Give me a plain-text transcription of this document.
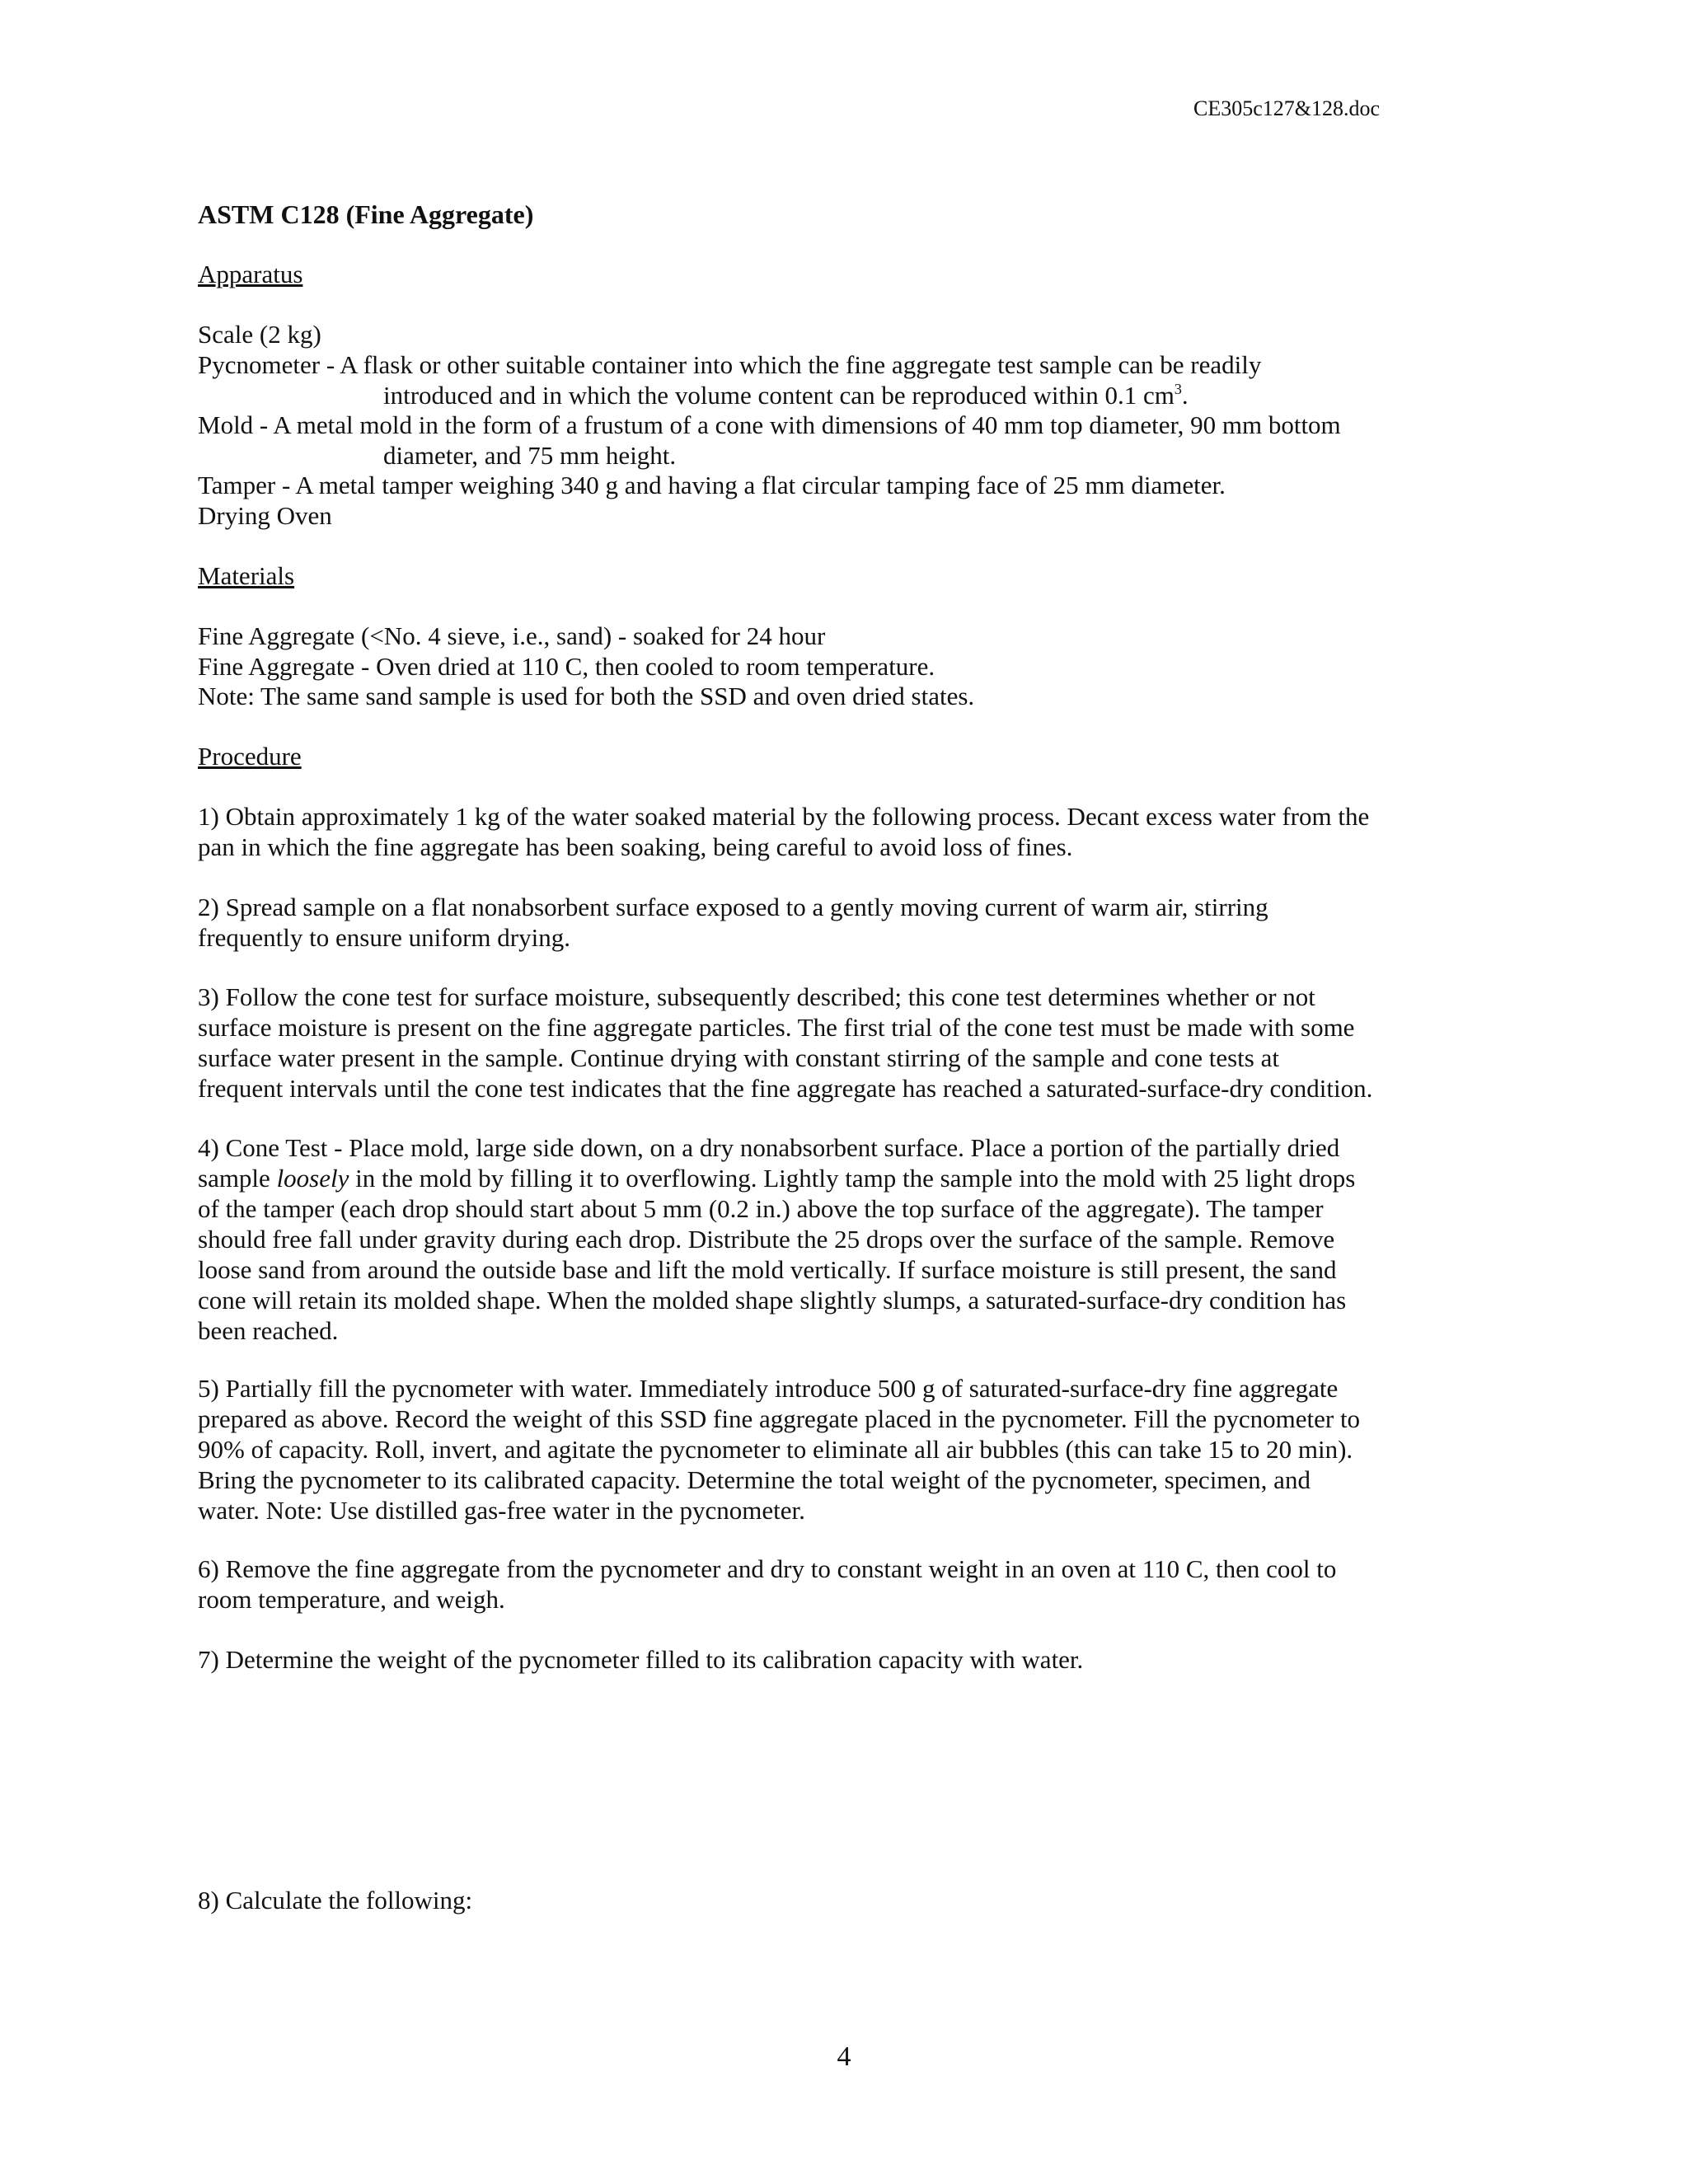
CE305c127&128.doc
ASTM C128 (Fine Aggregate)
Apparatus
Scale (2 kg)
Pycnometer - A flask or other suitable container into which the fine aggregate test sample can be readily
introduced and in which the volume content can be reproduced within 0.1 $cm^3$.
Mold - A metal mold in the form of a frustum of a cone with dimensions of 40 mm top diameter, 90 mm bottom
diameter, and 75 mm height.
Tamper - A metal tamper weighing 340 g and having a flat circular tamping face of 25 mm diameter.
Drying Oven
Materials
Fine Aggregate (<No. 4 sieve, i.e., sand) - soaked for 24 hour
Fine Aggregate - Oven dried at 110 C, then cooled to room temperature.
Note: The same sand sample is used for both the SSD and oven dried states.
Procedure
1) Obtain approximately 1 kg of the water soaked material by the following process. Decant excess water from the
pan in which the fine aggregate has been soaking, being careful to avoid loss of fines.
2) Spread sample on a flat nonabsorbent surface exposed to a gently moving current of warm air, stirring
frequently to ensure uniform drying.
3) Follow the cone test for surface moisture, subsequently described; this cone test determines whether or not
surface moisture is present on the fine aggregate particles. The first trial of the cone test must be made with some
surface water present in the sample. Continue drying with constant stirring of the sample and cone tests at
frequent intervals until the cone test indicates that the fine aggregate has reached a saturated-surface-dry condition.
4) Cone Test - Place mold, large side down, on a dry nonabsorbent surface. Place a portion of the partially dried
sample loosely in the mold by filling it to overflowing. Lightly tamp the sample into the mold with 25 light drops
of the tamper (each drop should start about 5 mm (0.2 in.) above the top surface of the aggregate). The tamper
should free fall under gravity during each drop. Distribute the 25 drops over the surface of the sample. Remove
loose sand from around the outside base and lift the mold vertically. If surface moisture is still present, the sand
cone will retain its molded shape. When the molded shape slightly slumps, a saturated-surface-dry condition has
been reached.
5) Partially fill the pycnometer with water. Immediately introduce 500 g of saturated-surface-dry fine aggregate
prepared as above. Record the weight of this SSD fine aggregate placed in the pycnometer. Fill the pycnometer to
90% of capacity. Roll, invert, and agitate the pycnometer to eliminate all air bubbles (this can take 15 to 20 min).
Bring the pycnometer to its calibrated capacity. Determine the total weight of the pycnometer, specimen, and
water. Note: Use distilled gas-free water in the pycnometer.
6) Remove the fine aggregate from the pycnometer and dry to constant weight in an oven at 110 C, then cool to
room temperature, and weigh.
7) Determine the weight of the pycnometer filled to its calibration capacity with water.
8) Calculate the following:
4
